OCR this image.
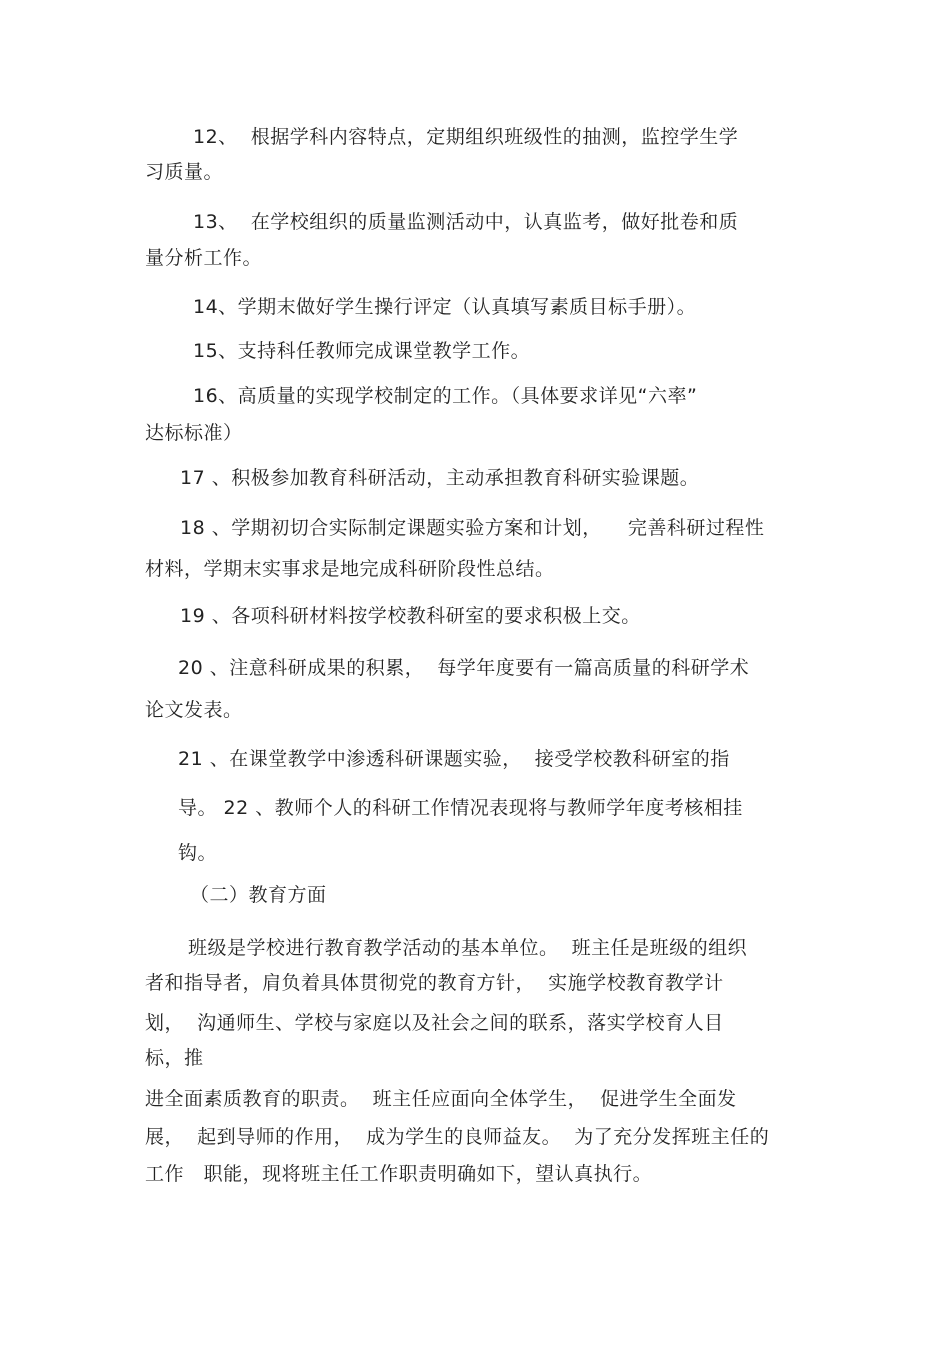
12、  根据学科内容特点，定期组织班级性的抽测，监控学生学
习质量。
13、  在学校组织的质量监测活动中，认真监考，做好批卷和质
量分析工作。
14、学期末做好学生操行评定（认真填写素质目标手册）。
15、支持科任教师完成课堂教学工作。
16、高质量的实现学校制定的工作。（具体要求详见“六率”
达标标准）
17 、积极参加教育科研活动，主动承担教育科研实验课题。
18 、学期初切合实际制定课题实验方案和计划，    完善科研过程性
材料，学期末实事求是地完成科研阶段性总结。
19 、各项科研材料按学校教科研室的要求积极上交。
20 、注意科研成果的积累，  每学年度要有一篇高质量的科研学术
论文发表。
21 、在课堂教学中渗透科研课题实验，  接受学校教科研室的指
导。 22 、教师个人的科研工作情况表现将与教师学年度考核相挂
钩。
（二）教育方面
班级是学校进行教育教学活动的基本单位。  班主任是班级的组织
者和指导者，肩负着具体贯彻党的教育方针，  实施学校教育教学计
划，  沟通师生、学校与家庭以及社会之间的联系，落实学校育人目
标，推
进全面素质教育的职责。  班主任应面向全体学生，  促进学生全面发
展，  起到导师的作用，  成为学生的良师益友。  为了充分发挥班主任的
工作   职能，现将班主任工作职责明确如下，望认真执行。
